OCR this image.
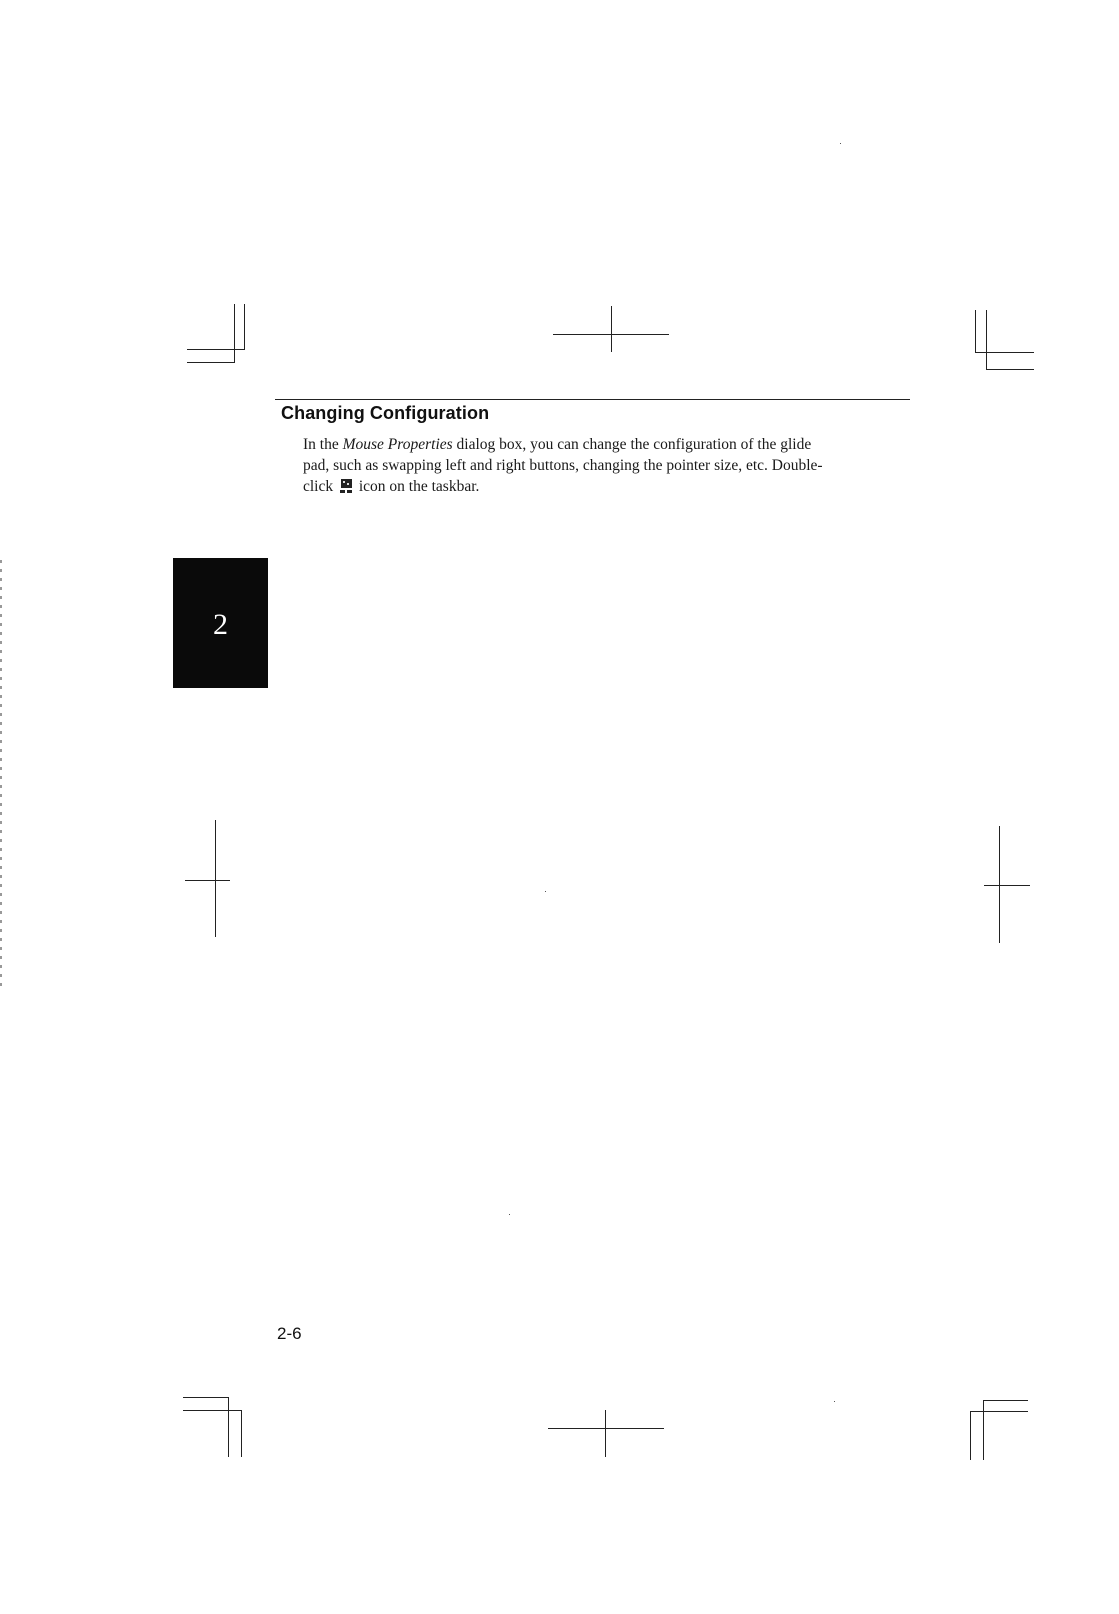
Changing Configuration

In the Mouse Properties dialog box, you can change the configuration of the glide

pad, such as swapping left and right buttons, changing the pointer size, etc. Double-

click  icon on the taskbar.

2
2-6
